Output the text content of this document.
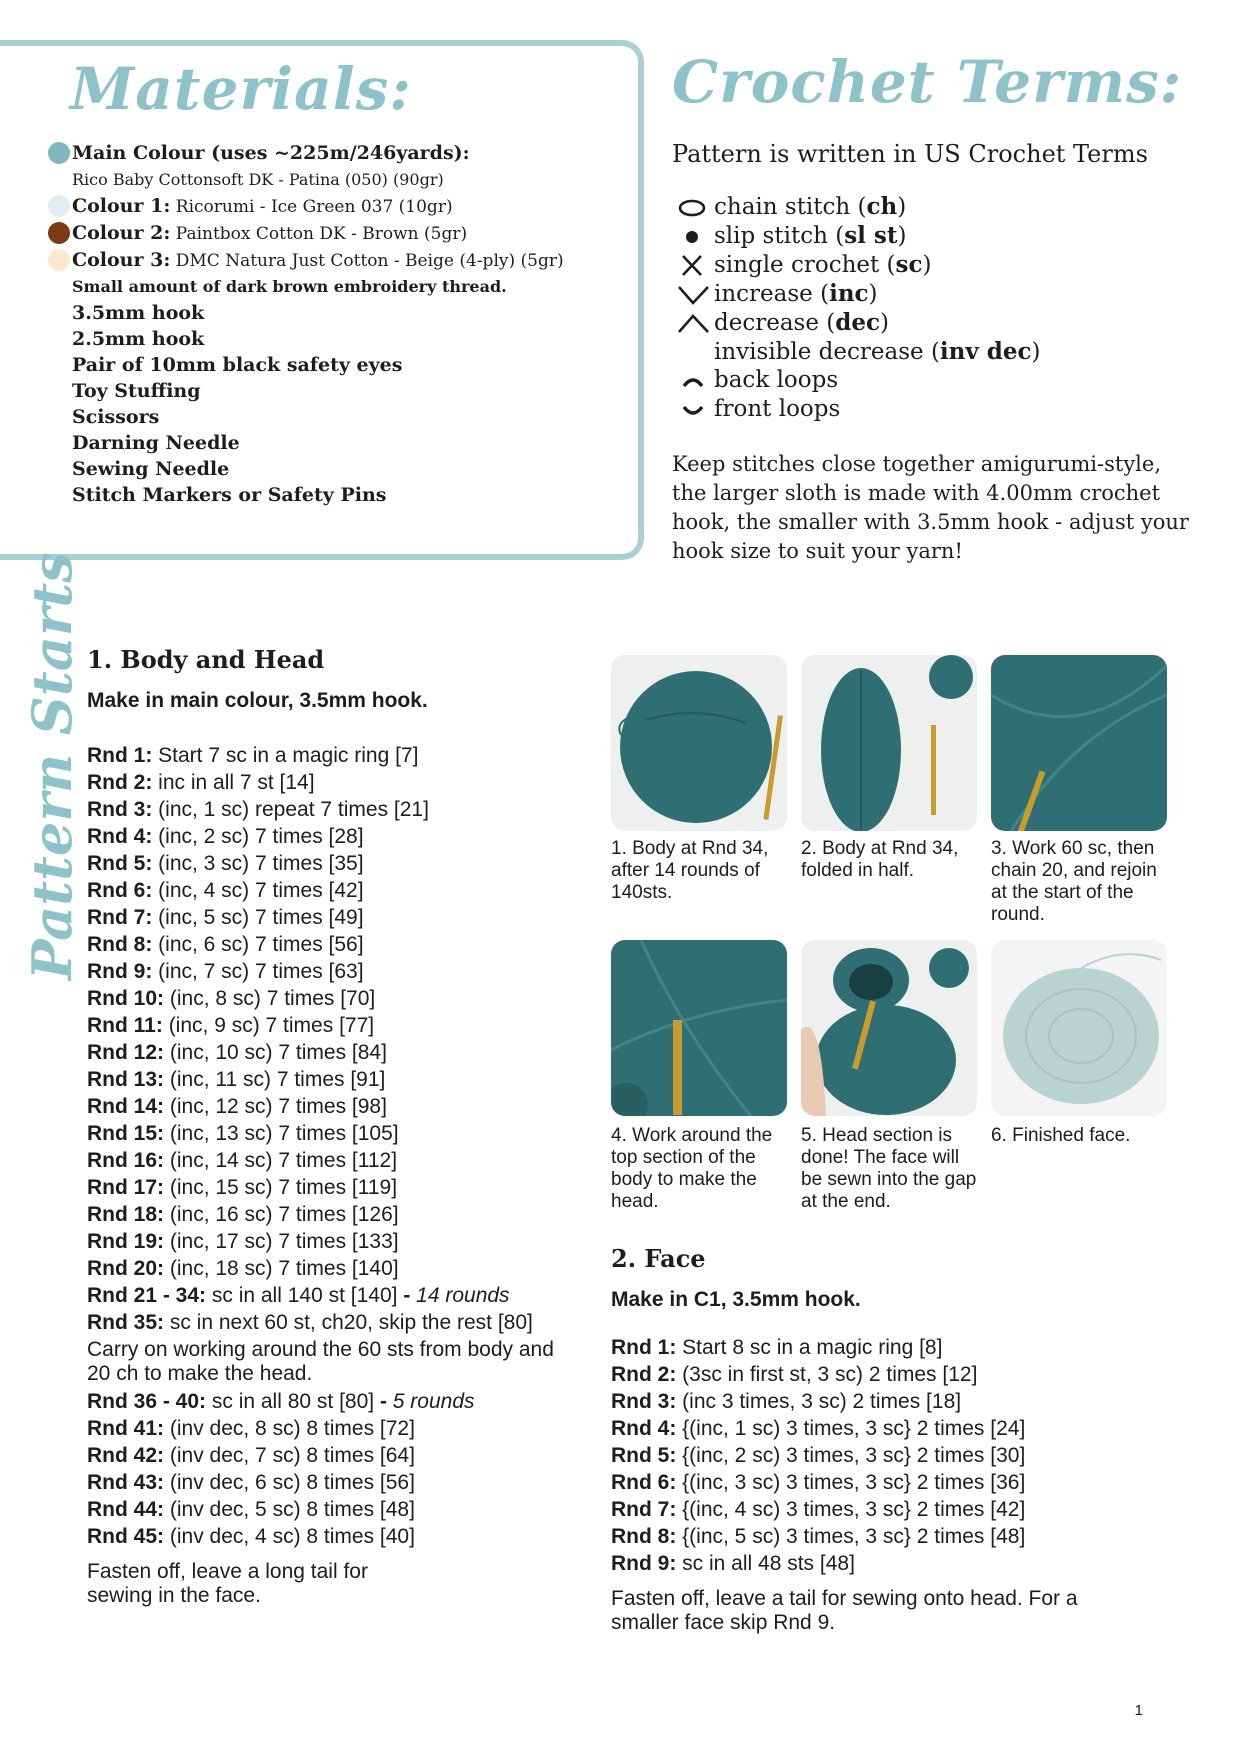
Materials:
Main Colour (uses ~225m/246yards):
Rico Baby Cottonsoft DK - Patina (050) (90gr)
Colour 1: Ricorumi - Ice Green 037 (10gr)
Colour 2: Paintbox Cotton DK - Brown (5gr)
Colour 3: DMC Natura Just Cotton - Beige (4-ply) (5gr)
Small amount of dark brown embroidery thread.
3.5mm hook
2.5mm hook
Pair of 10mm black safety eyes
Toy Stuffing
Scissors
Darning Needle
Sewing Needle
Stitch Markers or Safety Pins
Crochet Terms:
Pattern is written in US Crochet Terms
chain stitch (ch)
slip stitch (sl st)
single crochet (sc)
increase (inc)
decrease (dec)
invisible decrease (inv dec)
back loops
front loops
Keep stitches close together amigurumi-style, the larger sloth is made with 4.00mm crochet hook, the smaller with 3.5mm hook - adjust your hook size to suit your yarn!
Pattern Starts 1. Body and Head
Make in main colour, 3.5mm hook.
Rnd 1: Start 7 sc in a magic ring [7]
Rnd 2: inc in all 7 st [14]
Rnd 3: (inc, 1 sc) repeat 7 times [21]
Rnd 4: (inc, 2 sc) 7 times [28]
Rnd 5: (inc, 3 sc) 7 times [35]
Rnd 6: (inc, 4 sc) 7 times [42]
Rnd 7: (inc, 5 sc) 7 times [49]
Rnd 8: (inc, 6 sc) 7 times [56]
Rnd 9: (inc, 7 sc) 7 times [63]
Rnd 10: (inc, 8 sc) 7 times [70]
Rnd 11: (inc, 9 sc) 7 times [77]
Rnd 12: (inc, 10 sc) 7 times [84]
Rnd 13: (inc, 11 sc) 7 times [91]
Rnd 14: (inc, 12 sc) 7 times [98]
Rnd 15: (inc, 13 sc) 7 times [105]
Rnd 16: (inc, 14 sc) 7 times [112]
Rnd 17: (inc, 15 sc) 7 times [119]
Rnd 18: (inc, 16 sc) 7 times [126]
Rnd 19: (inc, 17 sc) 7 times [133]
Rnd 20: (inc, 18 sc) 7 times [140]
Rnd 21 - 34: sc in all 140 st [140] - 14 rounds
Rnd 35: sc in next 60 st, ch20, skip the rest [80]
Carry on working around the 60 sts from body and 20 ch to make the head.
Rnd 36 - 40: sc in all 80 st [80] - 5 rounds
Rnd 41: (inv dec, 8 sc) 8 times [72]
Rnd 42: (inv dec, 7 sc) 8 times [64]
Rnd 43: (inv dec, 6 sc) 8 times [56]
Rnd 44: (inv dec, 5 sc) 8 times [48]
Rnd 45: (inv dec, 4 sc) 8 times [40]
Fasten off, leave a long tail for sewing in the face.
1. Body at Rnd 34, after 14 rounds of 140sts.
2. Body at Rnd 34, folded in half.
3. Work 60 sc, then chain 20, and rejoin at the start of the round.
4. Work around the top section of the body to make the head.
5. Head section is done! The face will be sewn into the gap at the end.
6. Finished face.
2. Face
Make in C1, 3.5mm hook.
Rnd 1: Start 8 sc in a magic ring [8]
Rnd 2: (3sc in first st, 3 sc) 2 times [12]
Rnd 3: (inc 3 times, 3 sc) 2 times [18]
Rnd 4: {(inc, 1 sc) 3 times, 3 sc} 2 times [24]
Rnd 5: {(inc, 2 sc) 3 times, 3 sc} 2 times [30]
Rnd 6: {(inc, 3 sc) 3 times, 3 sc} 2 times [36]
Rnd 7: {(inc, 4 sc) 3 times, 3 sc} 2 times [42]
Rnd 8: {(inc, 5 sc) 3 times, 3 sc} 2 times [48]
Rnd 9: sc in all 48 sts [48]
Fasten off, leave a tail for sewing onto head. For a smaller face skip Rnd 9.
1
